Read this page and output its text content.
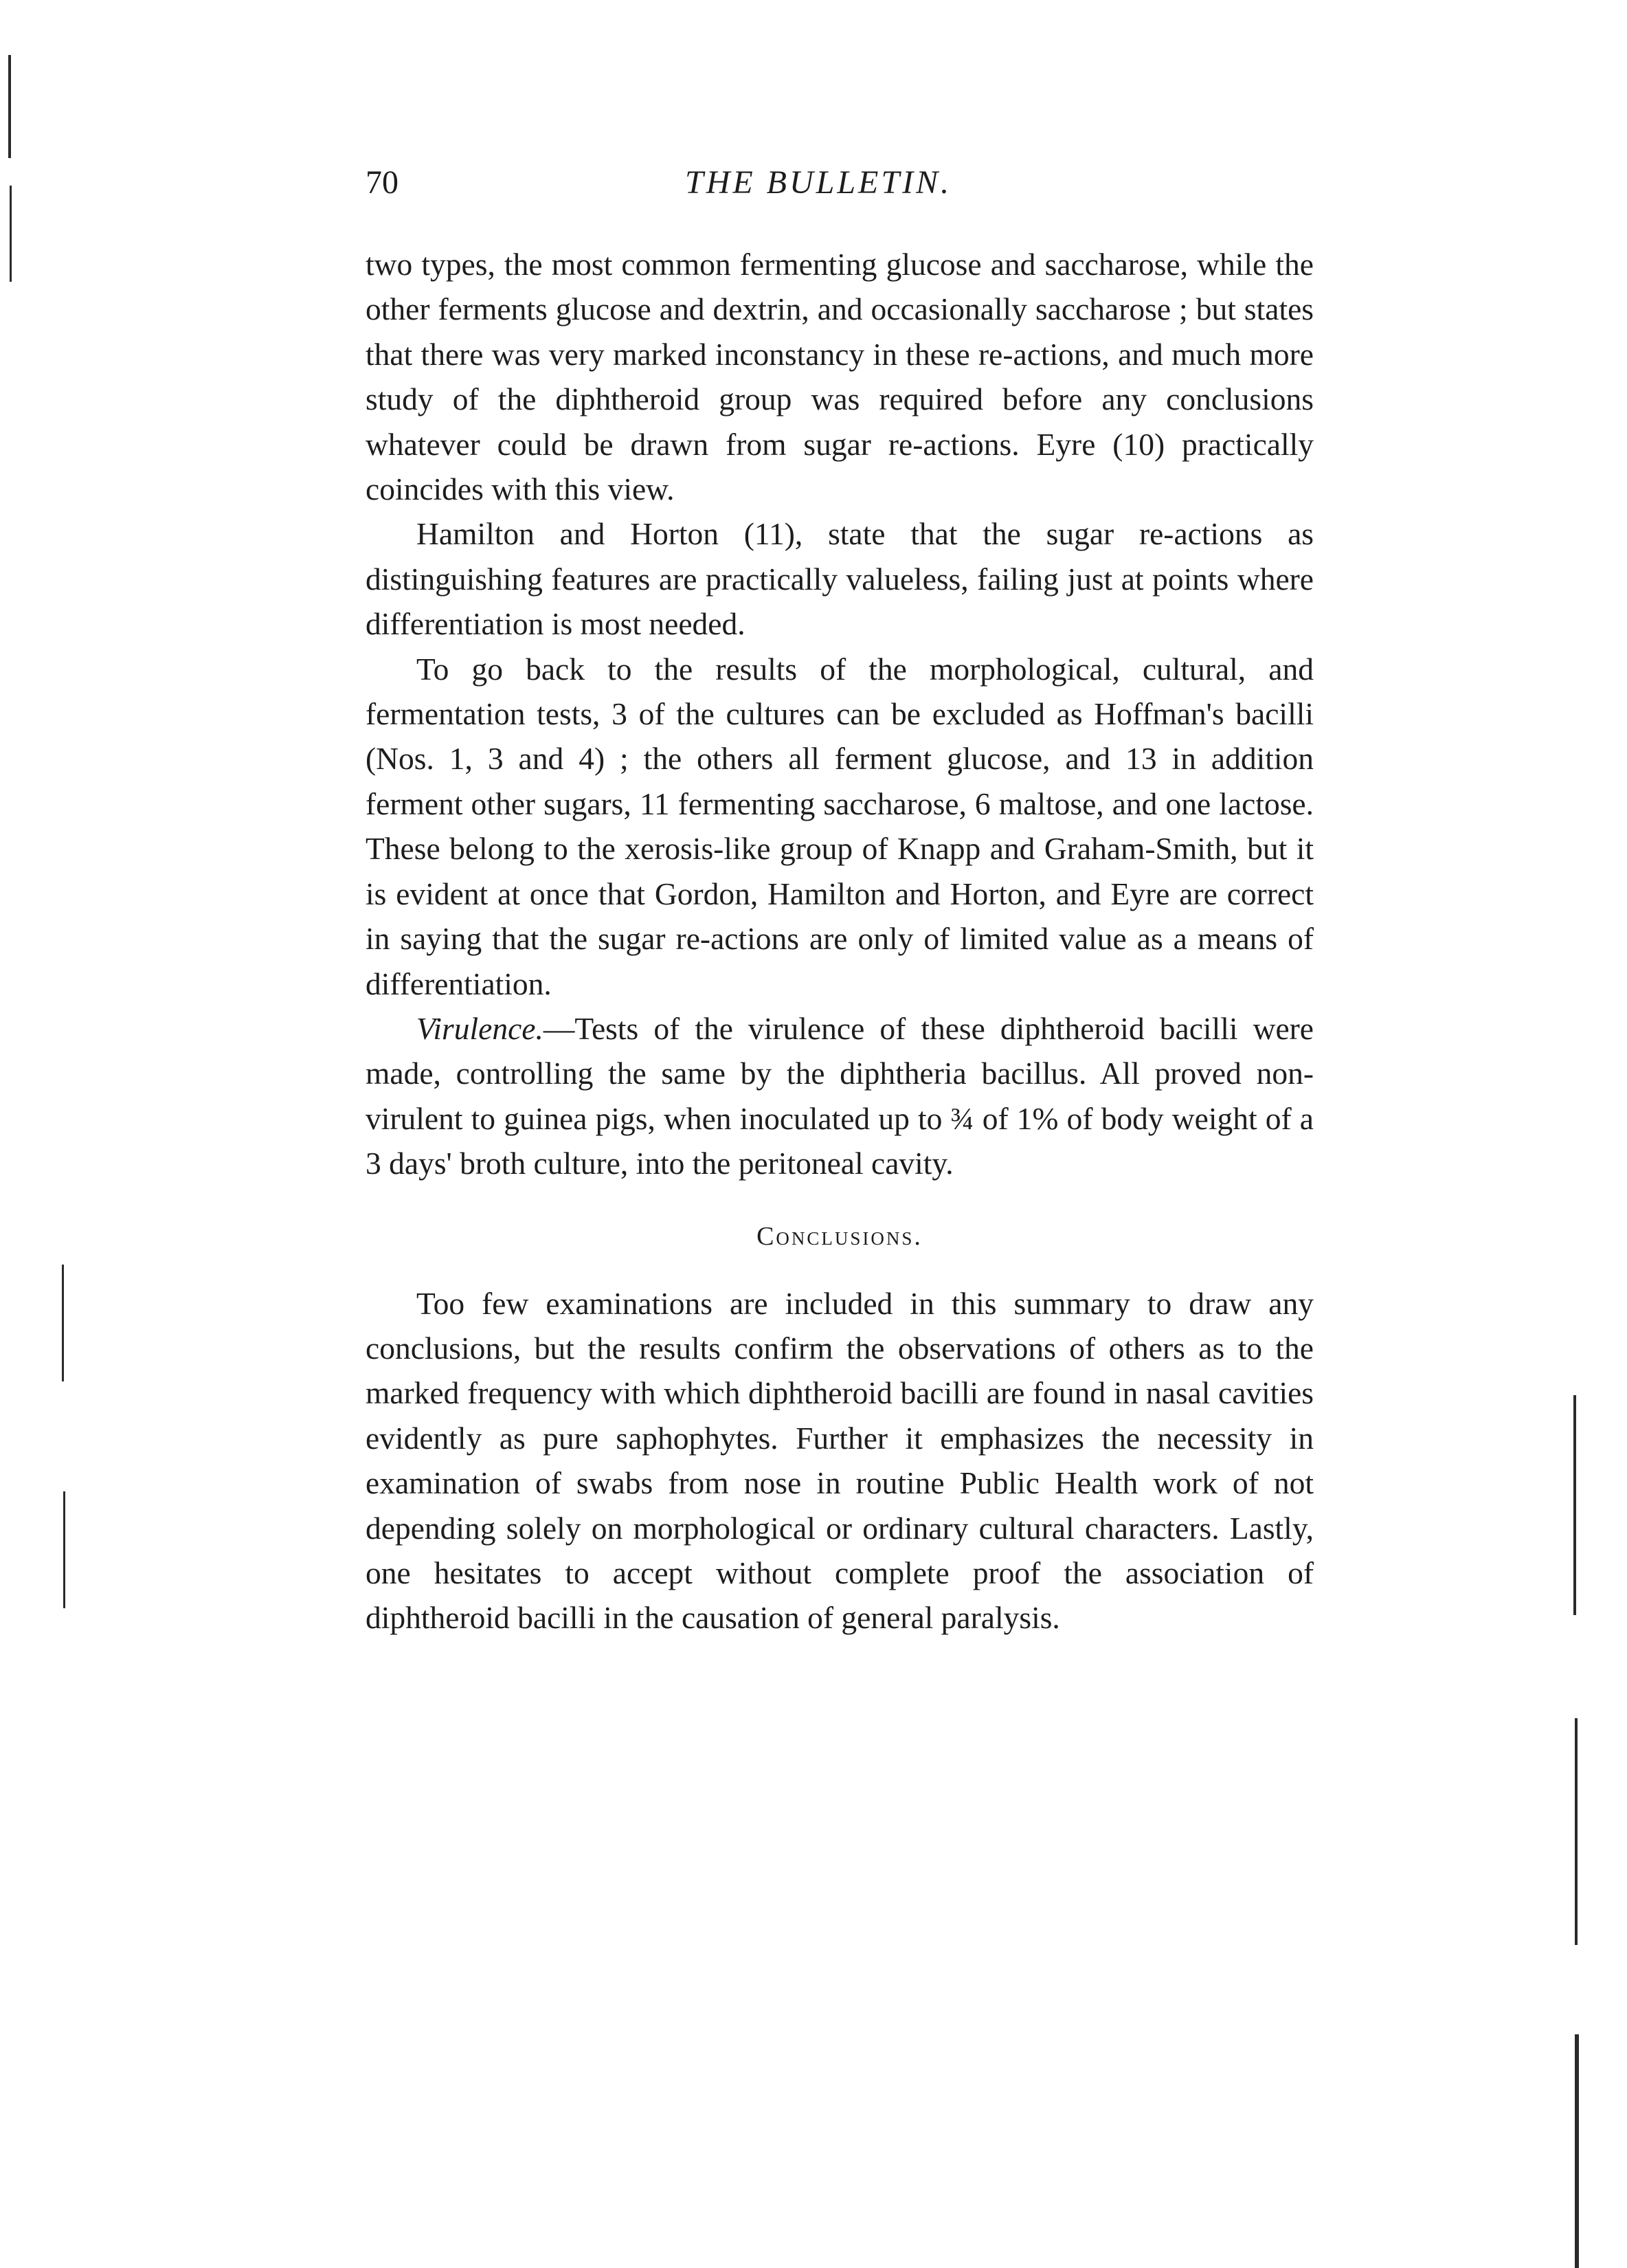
70	THE BULLETIN.

two types, the most common fermenting glucose and saccharose, while the other ferments glucose and dextrin, and occasionally saccharose ; but states that there was very marked inconstancy in these re-actions, and much more study of the diphtheroid group was required before any conclusions whatever could be drawn from sugar re-actions. Eyre (10) practically coincides with this view.

Hamilton and Horton (11), state that the sugar re-actions as distinguishing features are practically valueless, failing just at points where differentiation is most needed.

To go back to the results of the morphological, cultural, and fermentation tests, 3 of the cultures can be excluded as Hoffman's bacilli (Nos. 1, 3 and 4) ; the others all ferment glucose, and 13 in addition ferment other sugars, 11 fermenting saccharose, 6 maltose, and one lactose. These belong to the xerosis-like group of Knapp and Graham-Smith, but it is evident at once that Gordon, Hamilton and Horton, and Eyre are correct in saying that the sugar re-actions are only of limited value as a means of differentiation.

Virulence.—Tests of the virulence of these diphtheroid bacilli were made, controlling the same by the diphtheria bacillus. All proved non-virulent to guinea pigs, when inoculated up to ¾ of 1% of body weight of a 3 days' broth culture, into the peritoneal cavity.

Conclusions.

Too few examinations are included in this summary to draw any conclusions, but the results confirm the observations of others as to the marked frequency with which diphtheroid bacilli are found in nasal cavities evidently as pure saphophytes. Further it emphasizes the necessity in examination of swabs from nose in routine Public Health work of not depending solely on morphological or ordinary cultural characters. Lastly, one hesitates to accept without complete proof the association of diphtheroid bacilli in the causation of general paralysis.
